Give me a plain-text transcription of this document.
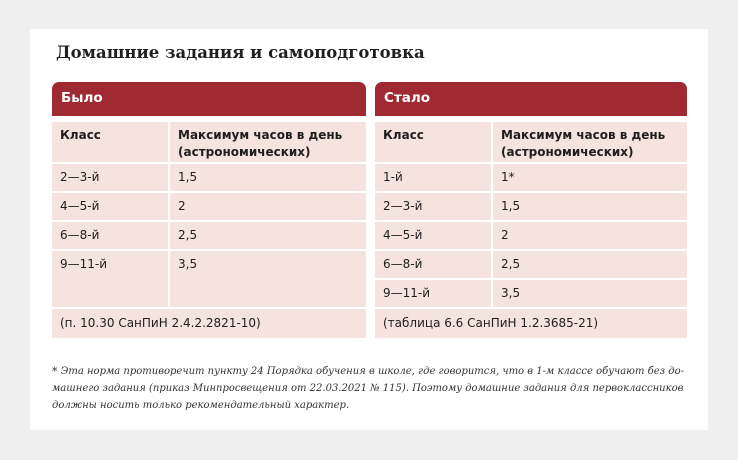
Домашние задания и самоподготовка
Было
Класс	Максимум часов в день (астрономических)
2—3-й	1,5
4—5-й	2
6—8-й	2,5
9—11-й	3,5
(п. 10.30 СанПиН 2.4.2.2821-10)
Стало
Класс	Максимум часов в день (астрономических)
1-й	1*
2—3-й	1,5
4—5-й	2
6—8-й	2,5
9—11-й	3,5
(таблица 6.6 СанПиН 1.2.3685-21)
* Эта норма противоречит пункту 24 Порядка обучения в школе, где говорится, что в 1-м классе обучают без до-машнего задания (приказ Минпросвещения от 22.03.2021 № 115). Поэтому домашние задания для первоклассников должны носить только рекомендательный характер.
